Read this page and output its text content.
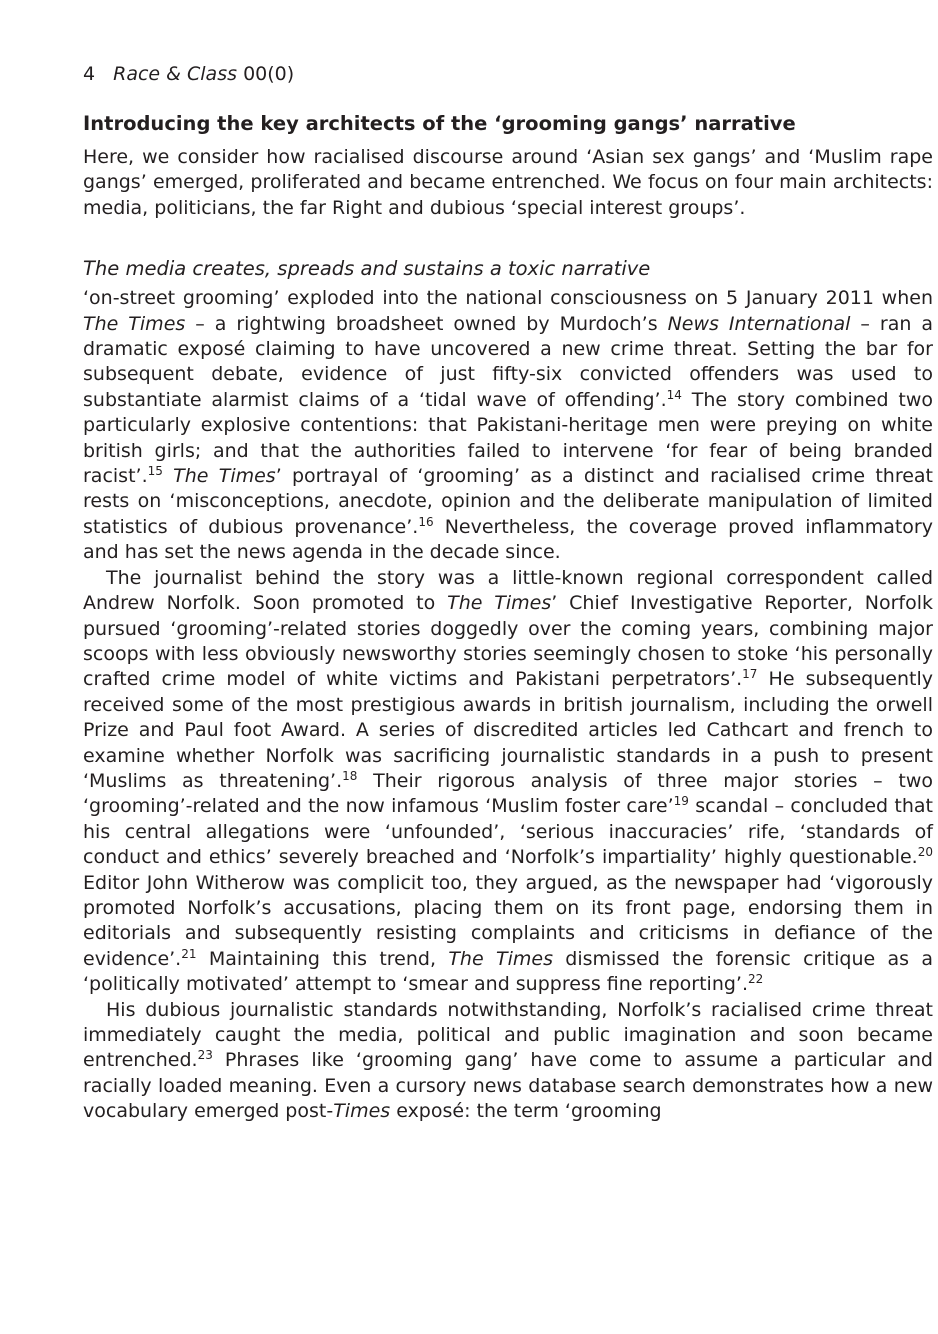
4 Race & Class 00(0)
Introducing the key architects of the ‘grooming gangs’ narrative

Here, we consider how racialised discourse around ‘Asian sex gangs’ and ‘Muslim rape gangs’ emerged, proliferated and became entrenched. We focus on four main architects: media, politicians, the far Right and dubious ‘special interest groups’.

The media creates, spreads and sustains a toxic narrative

‘on-street grooming’ exploded into the national consciousness on 5 January 2011 when The Times – a rightwing broadsheet owned by Murdoch’s News International – ran a dramatic exposé claiming to have uncovered a new crime threat. Setting the bar for subsequent debate, evidence of just fifty-six convicted offenders was used to substantiate alarmist claims of a ‘tidal wave of offending’.$^{14}$ The story combined two particularly explosive contentions: that Pakistani-heritage men were preying on white british girls; and that the authorities failed to intervene ‘for fear of being branded racist’.$^{15}$ The Times’ portrayal of ‘grooming’ as a distinct and racialised crime threat rests on ‘misconceptions, anecdote, opinion and the deliberate manipulation of limited statistics of dubious provenance’.$^{16}$ Nevertheless, the coverage proved inflammatory and has set the news agenda in the decade since.

The journalist behind the story was a little-known regional correspondent called Andrew Norfolk. Soon promoted to The Times’ Chief Investigative Reporter, Norfolk pursued ‘grooming’-related stories doggedly over the coming years, combining major scoops with less obviously newsworthy stories seemingly chosen to stoke ‘his personally crafted crime model of white victims and Pakistani perpetrators’.$^{17}$ He subsequently received some of the most prestigious awards in british journalism, including the orwell Prize and Paul foot Award. A series of discredited articles led Cathcart and french to examine whether Norfolk was sacrificing journalistic standards in a push to present ‘Muslims as threatening’.$^{18}$ Their rigorous analysis of three major stories – two ‘grooming’-related and the now infamous ‘Muslim foster care’$^{19}$ scandal – concluded that his central allegations were ‘unfounded’, ‘serious inaccuracies’ rife, ‘standards of conduct and ethics’ severely breached and ‘Norfolk’s impartiality’ highly questionable.$^{20}$ Editor John Witherow was complicit too, they argued, as the newspaper had ‘vigorously promoted Norfolk’s accusations, placing them on its front page, endorsing them in editorials and subsequently resisting complaints and criticisms in defiance of the evidence’.$^{21}$ Maintaining this trend, The Times dismissed the forensic critique as a ‘politically motivated’ attempt to ‘smear and suppress fine reporting’.$^{22}$

His dubious journalistic standards notwithstanding, Norfolk’s racialised crime threat immediately caught the media, political and public imagination and soon became entrenched.$^{23}$ Phrases like ‘grooming gang’ have come to assume a particular and racially loaded meaning. Even a cursory news database search demonstrates how a new vocabulary emerged post-Times exposé: the term ‘grooming
